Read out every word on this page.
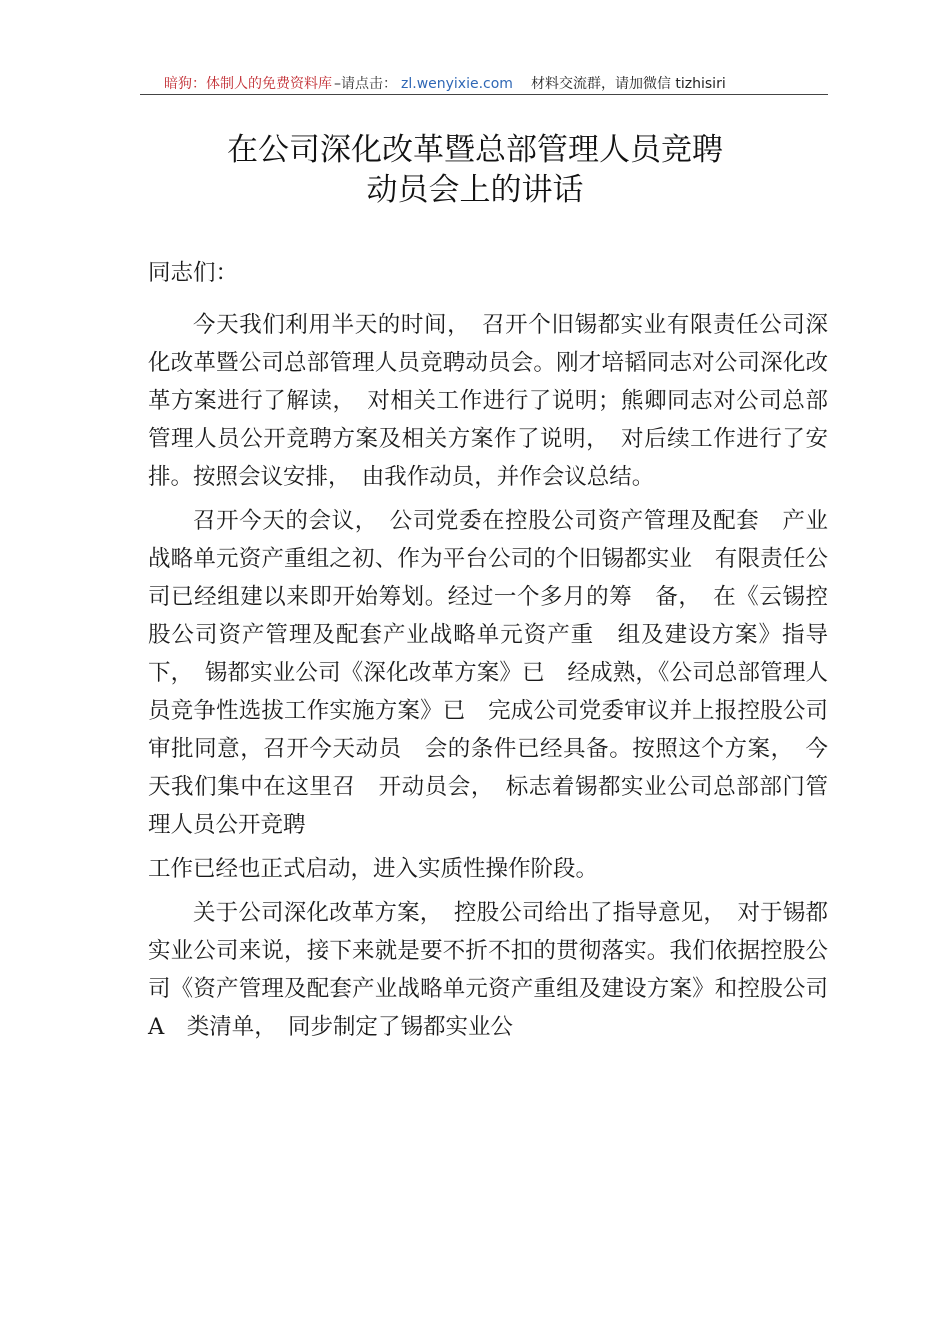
暗狗：体制人的免费资料库 –请点击： zl.wenyixie.com 材料交流群，请加微信 tizhisiri
在公司深化改革暨总部管理人员竞聘
动员会上的讲话

同志们：

今天我们利用半天的时间，　召开个旧锡都实业有限责任公司深化改革暨公司总部管理人员竞聘动员会。刚才培韬同志对公司深化改革方案进行了解读，　对相关工作进行了说明；熊卿同志对公司总部管理人员公开竞聘方案及相关方案作了说明，　对后续工作进行了安排。按照会议安排，　由我作动员，并作会议总结。

召开今天的会议，　公司党委在控股公司资产管理及配套　产业战略单元资产重组之初、作为平台公司的个旧锡都实业　有限责任公司已经组建以来即开始筹划。经过一个多月的筹　备，　在《云锡控股公司资产管理及配套产业战略单元资产重　组及建设方案》指导下，　锡都实业公司《深化改革方案》已　经成熟，《公司总部管理人员竞争性选拔工作实施方案》已　完成公司党委审议并上报控股公司审批同意，召开今天动员　会的条件已经具备。按照这个方案，　今天我们集中在这里召　开动员会，　标志着锡都实业公司总部部门管理人员公开竞聘

工作已经也正式启动，进入实质性操作阶段。

关于公司深化改革方案，　控股公司给出了指导意见，　对于锡都实业公司来说，接下来就是要不折不扣的贯彻落实。我们依据控股公司《资产管理及配套产业战略单元资产重组及建设方案》和控股公司　A　类清单，　同步制定了锡都实业公
